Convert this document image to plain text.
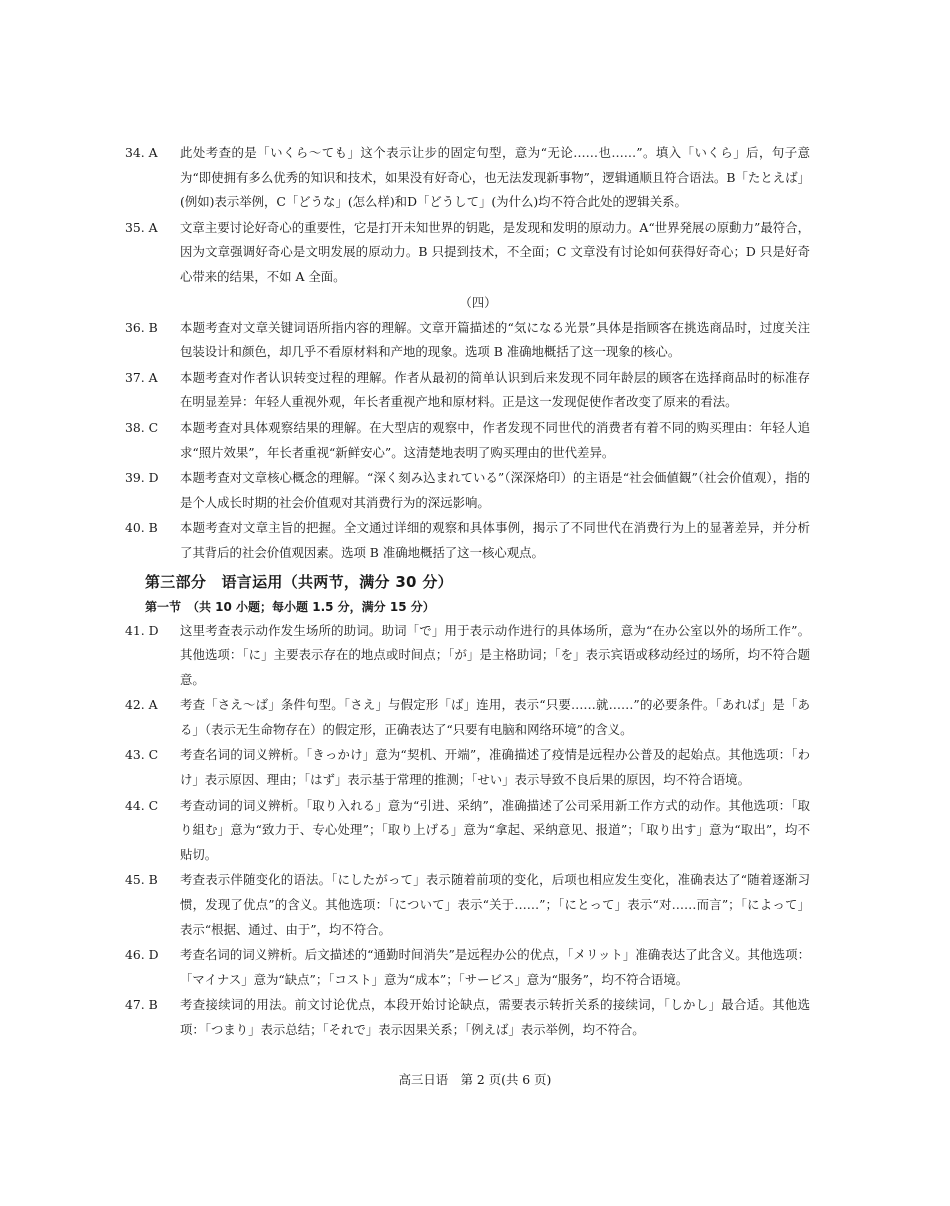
34. A	此处考查的是「いくら～ても」这个表示让步的固定句型，意为“无论……也……”。填入「いくら」后，句子意为“即使拥有多么优秀的知识和技术，如果没有好奇心，也无法发现新事物”，逻辑通顺且符合语法。B「たとえば」(例如)表示举例，C「どうな」(怎么样)和D「どうして」(为什么)均不符合此处的逻辑关系。
35. A	文章主要讨论好奇心的重要性，它是打开未知世界的钥匙，是发现和发明的原动力。A“世界発展の原動力”最符合，因为文章强调好奇心是文明发展的原动力。B 只提到技术，不全面；C 文章没有讨论如何获得好奇心；D 只是好奇心带来的结果，不如 A 全面。
（四）
36. B	本题考查对文章关键词语所指内容的理解。文章开篇描述的“気になる光景”具体是指顾客在挑选商品时，过度关注包装设计和颜色，却几乎不看原材料和产地的现象。选项 B 准确地概括了这一现象的核心。
37. A	本题考查对作者认识转变过程的理解。作者从最初的简单认识到后来发现不同年龄层的顾客在选择商品时的标准存在明显差异：年轻人重视外观，年长者重视产地和原材料。正是这一发现促使作者改变了原来的看法。
38. C	本题考查对具体观察结果的理解。在大型店的观察中，作者发现不同世代的消费者有着不同的购买理由：年轻人追求“照片效果”，年长者重视“新鲜安心”。这清楚地表明了购买理由的世代差异。
39. D	本题考查对文章核心概念的理解。“深く刻み込まれている”（深深烙印）的主语是“社会価値観”（社会价值观），指的是个人成长时期的社会价值观对其消费行为的深远影响。
40. B	本题考查对文章主旨的把握。全文通过详细的观察和具体事例，揭示了不同世代在消费行为上的显著差异，并分析了其背后的社会价值观因素。选项 B 准确地概括了这一核心观点。
第三部分　语言运用（共两节，满分 30 分）
第一节　（共 10 小题；每小题 1.5 分，满分 15 分）
41. D	这里考查表示动作发生场所的助词。助词「で」用于表示动作进行的具体场所，意为“在办公室以外的场所工作”。其他选项：「に」主要表示存在的地点或时间点；「が」是主格助词；「を」表示宾语或移动经过的场所，均不符合题意。
42. A	考查「さえ～ば」条件句型。「さえ」与假定形「ば」连用，表示“只要……就……”的必要条件。「あれば」是「ある」（表示无生命物存在）的假定形，正确表达了“只要有电脑和网络环境”的含义。
43. C	考查名词的词义辨析。「きっかけ」意为“契机、开端”，准确描述了疫情是远程办公普及的起始点。其他选项：「わけ」表示原因、理由；「はず」表示基于常理的推测；「せい」表示导致不良后果的原因，均不符合语境。
44. C	考查动词的词义辨析。「取り入れる」意为“引进、采纳”，准确描述了公司采用新工作方式的动作。其他选项：「取り組む」意为“致力于、专心处理”；「取り上げる」意为“拿起、采纳意见、报道”；「取り出す」意为“取出”，均不贴切。
45. B	考查表示伴随变化的语法。「にしたがって」表示随着前项的变化，后项也相应发生变化，准确表达了“随着逐渐习惯，发现了优点”的含义。其他选项：「について」表示“关于……”；「にとって」表示“对……而言”；「によって」表示“根据、通过、由于”，均不符合。
46. D	考查名词的词义辨析。后文描述的“通勤时间消失”是远程办公的优点，「メリット」准确表达了此含义。其他选项：「マイナス」意为“缺点”；「コスト」意为“成本”；「サービス」意为“服务”，均不符合语境。
47. B	考查接续词的用法。前文讨论优点，本段开始讨论缺点，需要表示转折关系的接续词，「しかし」最合适。其他选项：「つまり」表示总结；「それで」表示因果关系；「例えば」表示举例，均不符合。
高三日语　第 2 页(共 6 页)
